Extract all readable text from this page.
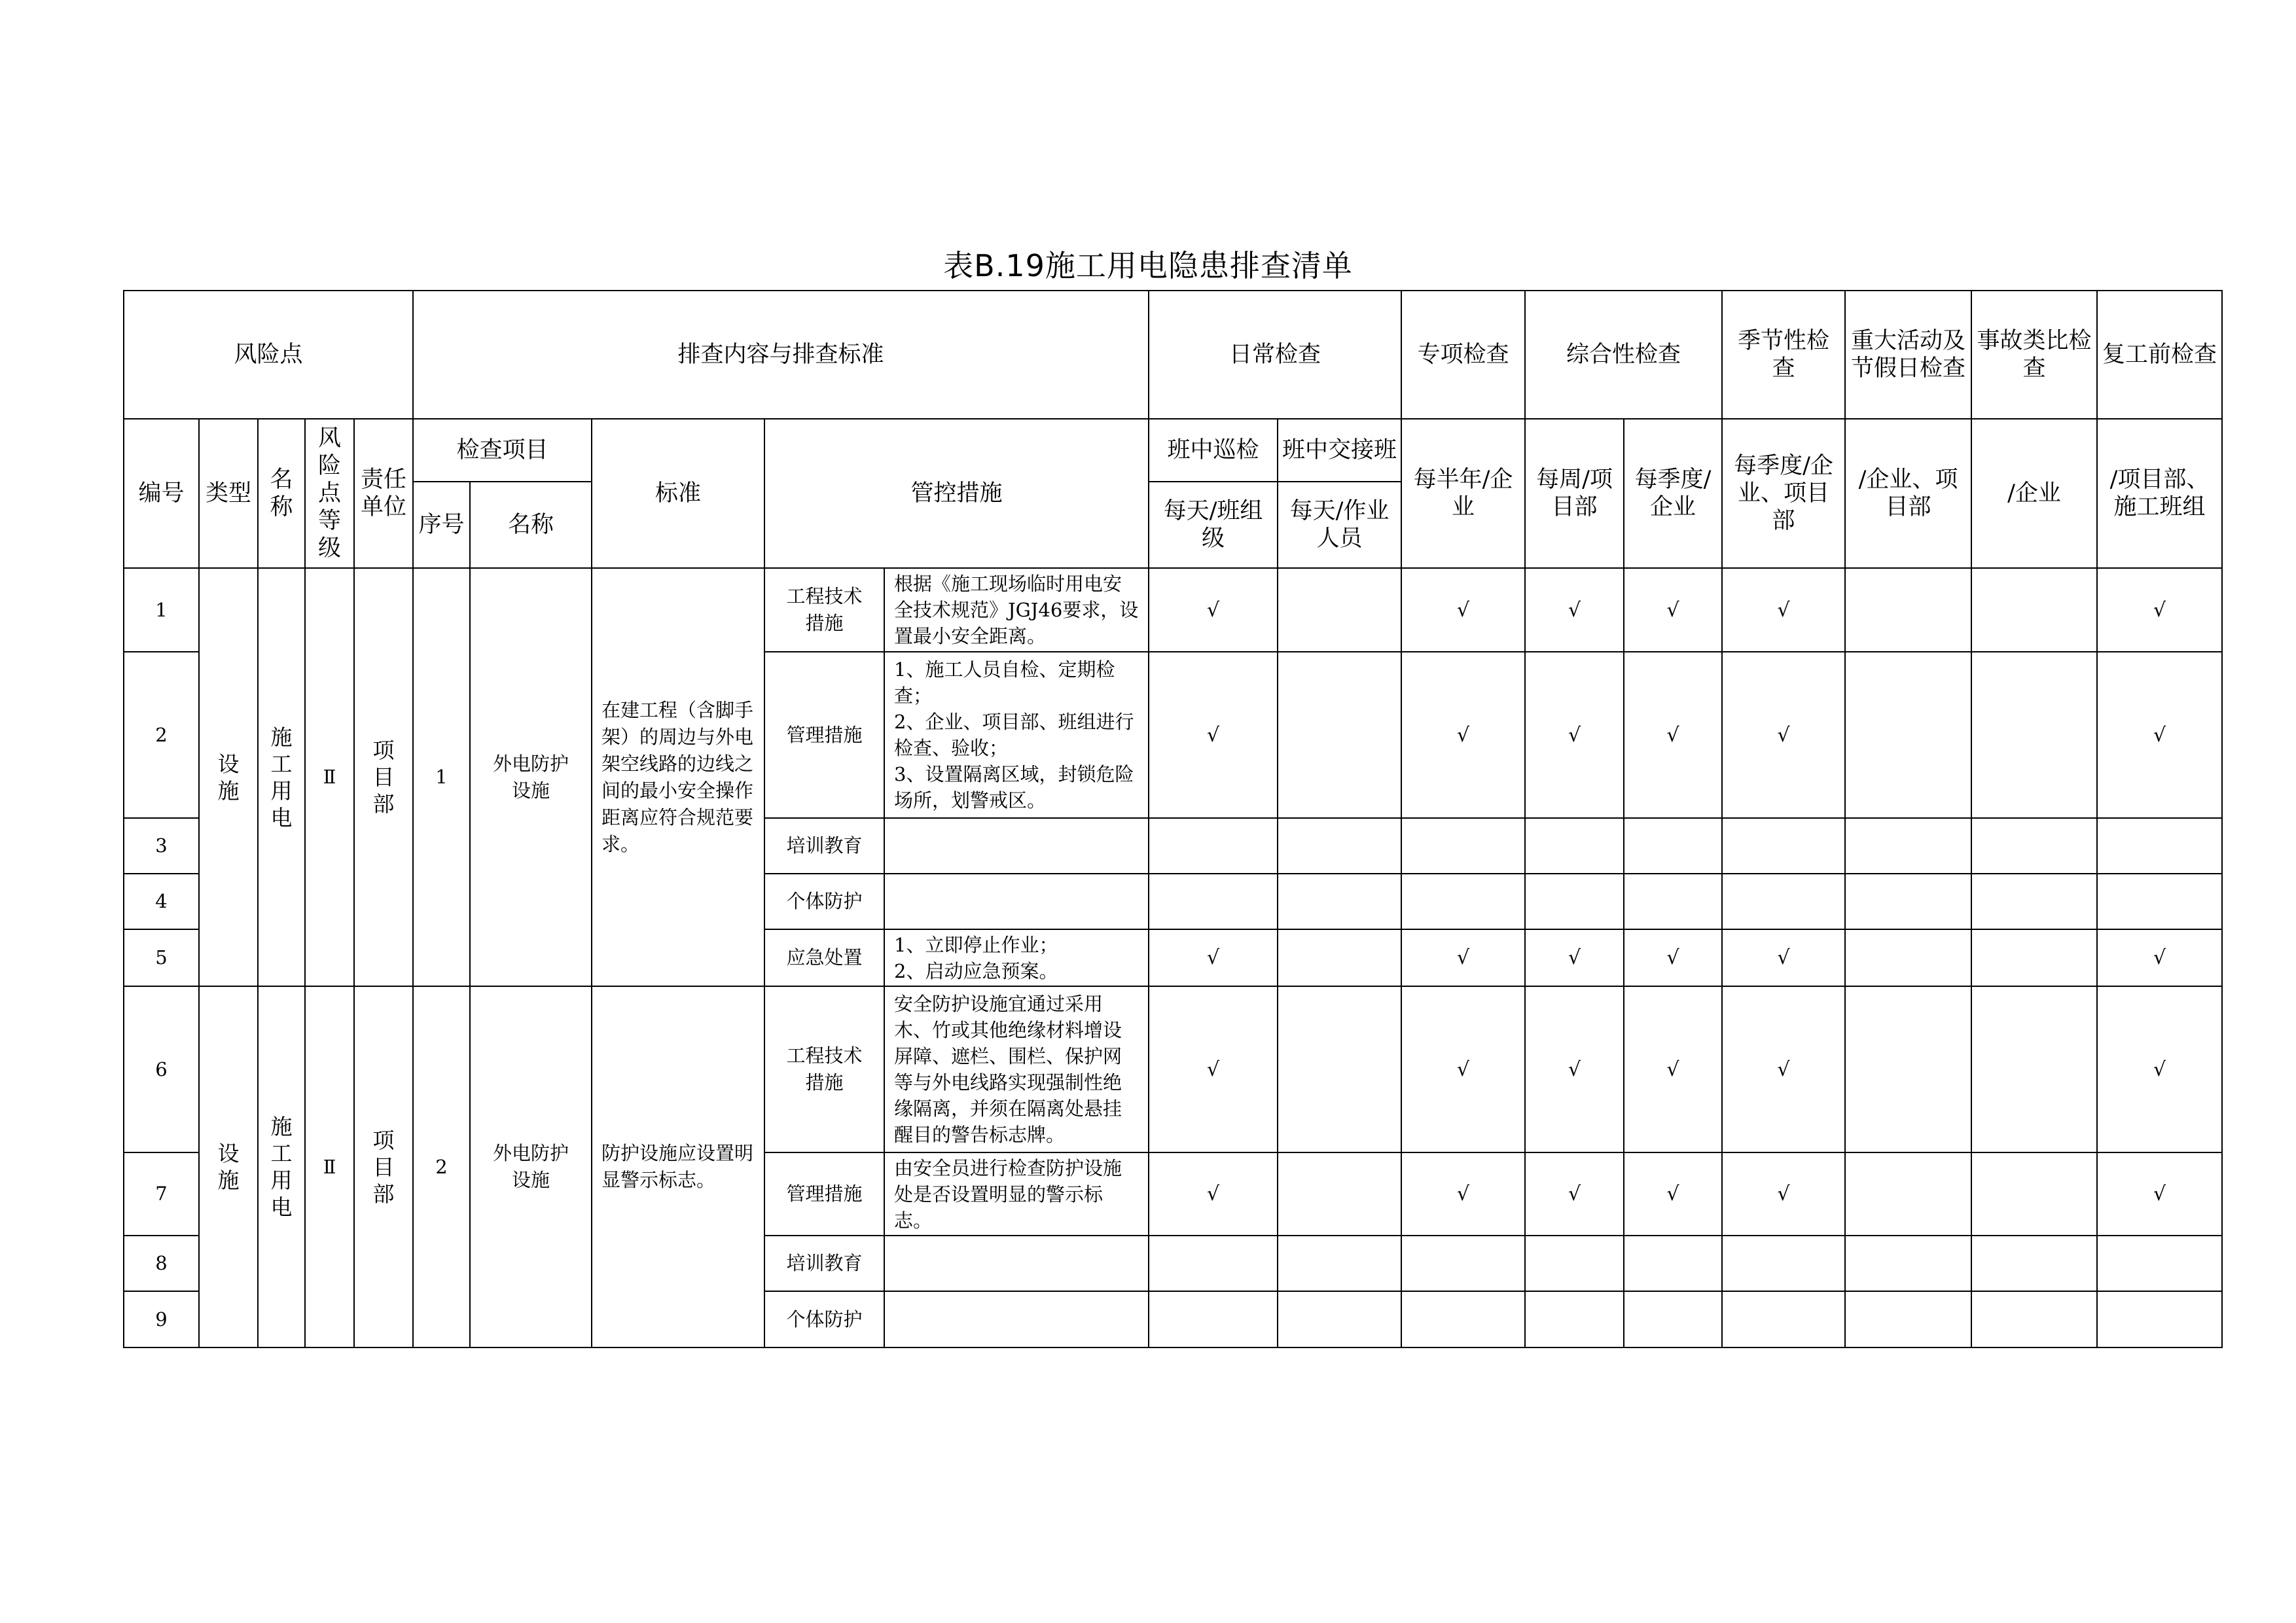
表B.19施工用电隐患排查清单
风险点					排查内容与排查标准					日常检查		专项检查	综合性检查		季节性检查	重大活动及节假日检查	事故类比检查	复工前检查
编号	类型	名称	风险点等级	责任单位	检查项目		标准	管控措施		班中巡检	班中交接班	每半年/企业	每周/项目部	每季度/企业	每季度/企业、项目部	/企业、项目部	/企业	/项目部、施工班组
					序号	名称				每天/班组级	每天/作业人员							
1	设施	施工用电	Ⅱ	项目部	1	外电防护设施	在建工程（含脚手架）的周边与外电架空线路的边线之间的最小安全操作距离应符合规范要求。	工程技术措施	根据《施工现场临时用电安全技术规范》JGJ46要求，设置最小安全距离。	√		√	√	√	√			√
2								管理措施	1、施工人员自检、定期检查；
2、企业、项目部、班组进行检查、验收；
3、设置隔离区域，封锁危险场所，划警戒区。	√		√	√	√	√			√
3								培训教育										
4								个体防护										
5								应急处置	1、立即停止作业；
2、启动应急预案。	√		√	√	√	√			√
6	设施	施工用电	Ⅱ	项目部	2	外电防护设施	防护设施应设置明显警示标志。	工程技术措施	安全防护设施宜通过采用木、竹或其他绝缘材料增设屏障、遮栏、围栏、保护网等与外电线路实现强制性绝缘隔离，并须在隔离处悬挂醒目的警告标志牌。	√		√	√	√	√			√
7								管理措施	由安全员进行检查防护设施处是否设置明显的警示标志。	√		√	√	√	√			√
8								培训教育										
9								个体防护										
